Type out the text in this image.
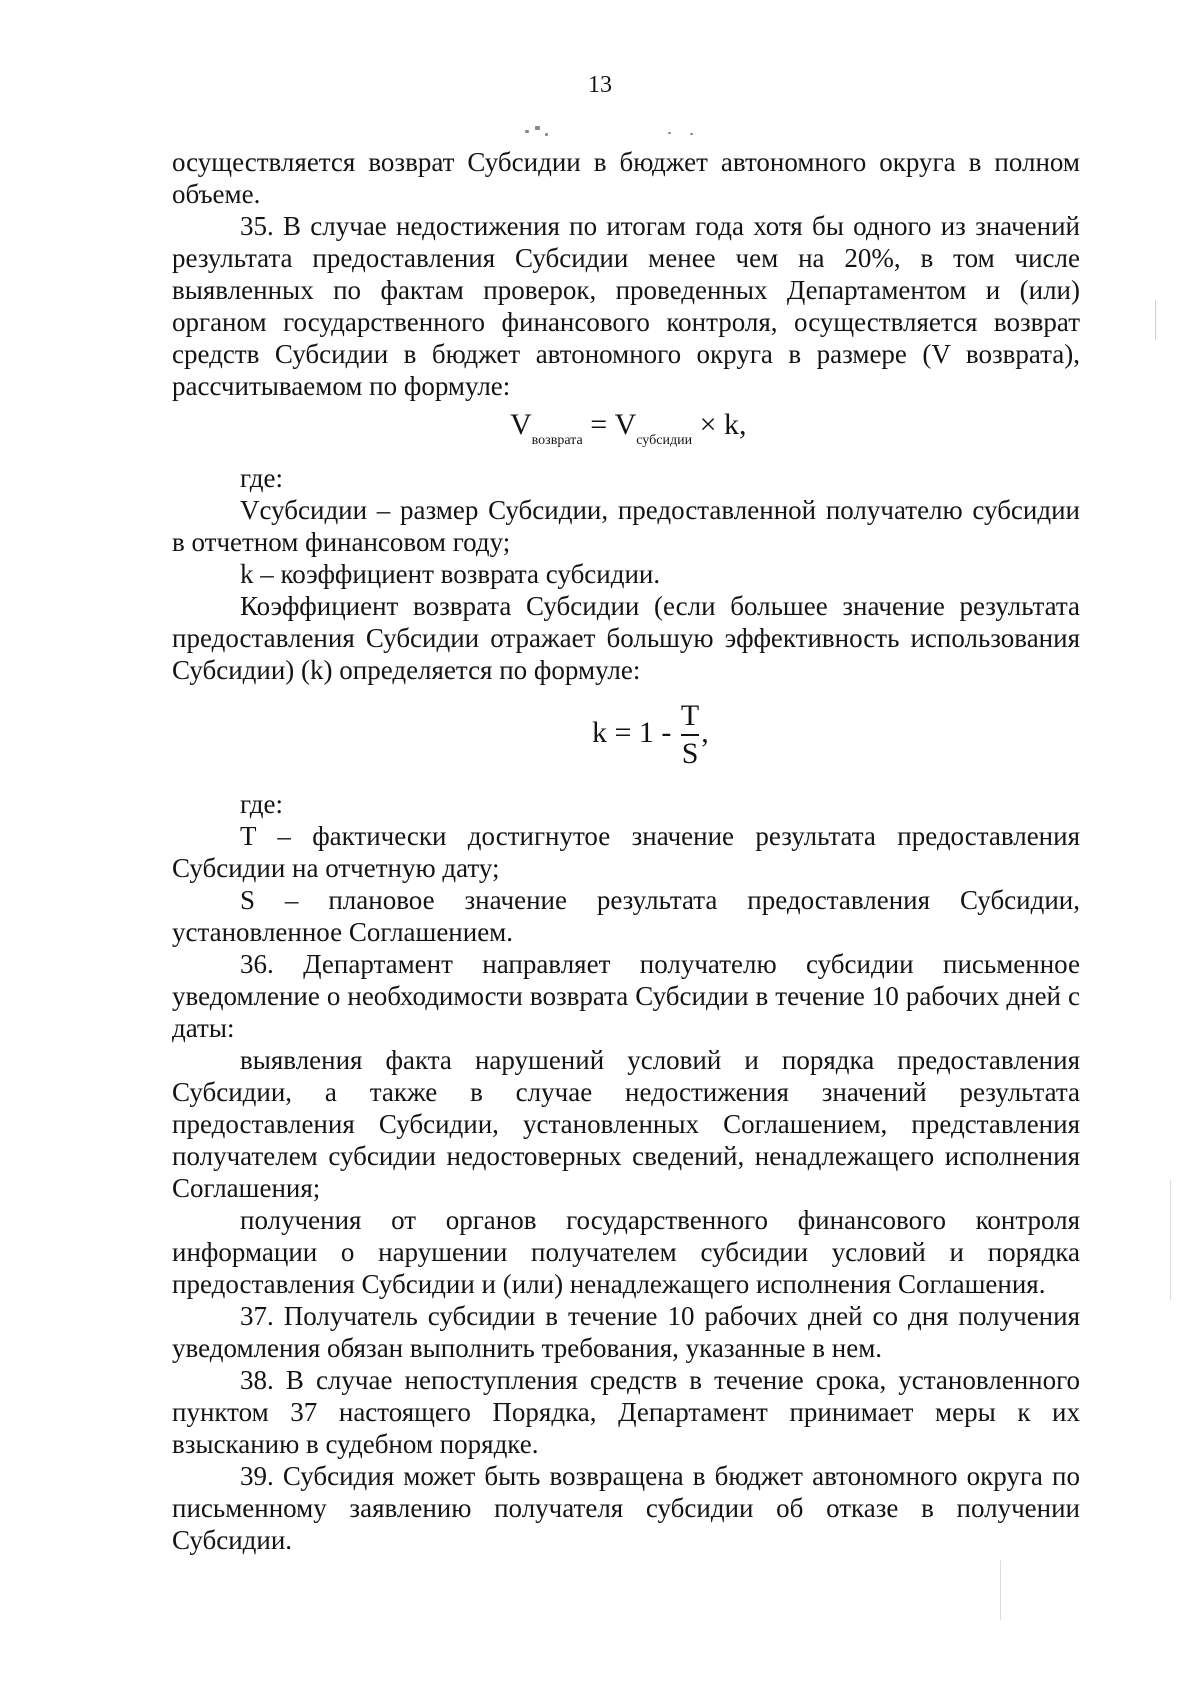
13
осуществляется возврат Субсидии в бюджет автономного округа в полном объеме.
35. В случае недостижения по итогам года хотя бы одного из значений результата предоставления Субсидии менее чем на 20%, в том числе выявленных по фактам проверок, проведенных Департаментом и (или) органом государственного финансового контроля, осуществляется возврат средств Субсидии в бюджет автономного округа в размере (V возврата), рассчитываемом по формуле:
$V_{возврата} = V_{субсидии} \times k$,
где:
Vсубсидии – размер Субсидии, предоставленной получателю субсидии в отчетном финансовом году;
k – коэффициент возврата субсидии.
Коэффициент возврата Субсидии (если большее значение результата предоставления Субсидии отражает большую эффективность использования Субсидии) (k) определяется по формуле:
$k = 1 - \frac{T}{S}$ ,
где:
T – фактически достигнутое значение результата предоставления Субсидии на отчетную дату;
S – плановое значение результата предоставления Субсидии, установленное Соглашением.
36. Департамент направляет получателю субсидии письменное уведомление о необходимости возврата Субсидии в течение 10 рабочих дней с даты:
выявления факта нарушений условий и порядка предоставления Субсидии, а также в случае недостижения значений результата предоставления Субсидии, установленных Соглашением, представления получателем субсидии недостоверных сведений, ненадлежащего исполнения Соглашения;
получения от органов государственного финансового контроля информации о нарушении получателем субсидии условий и порядка предоставления Субсидии и (или) ненадлежащего исполнения Соглашения.
37. Получатель субсидии в течение 10 рабочих дней со дня получения уведомления обязан выполнить требования, указанные в нем.
38. В случае непоступления средств в течение срока, установленного пунктом 37 настоящего Порядка, Департамент принимает меры к их взысканию в судебном порядке.
39. Субсидия может быть возвращена в бюджет автономного округа по письменному заявлению получателя субсидии об отказе в получении Субсидии.
